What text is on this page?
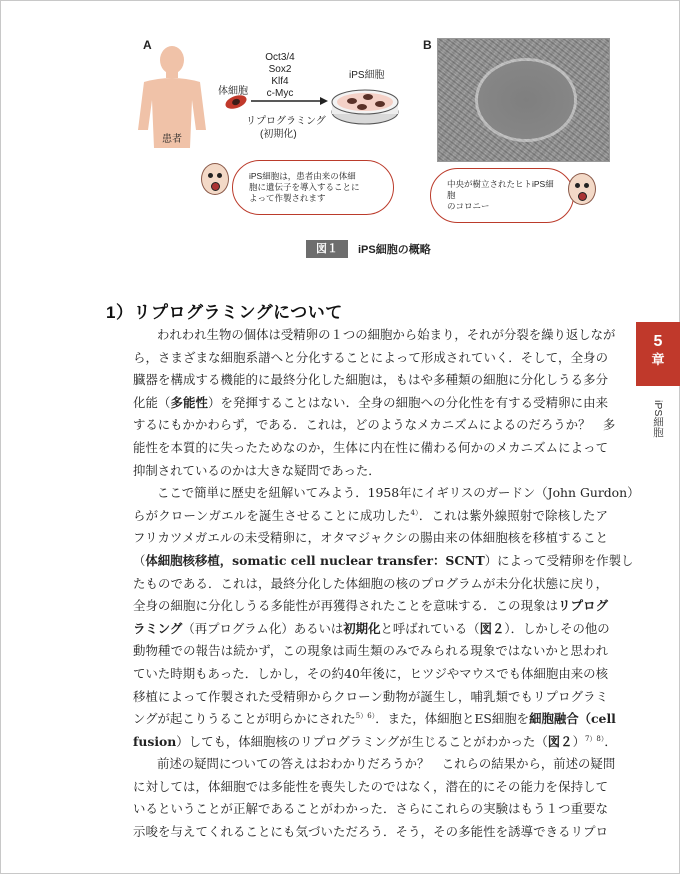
A	B
Oct3/4
Sox2
Klf4
c-Myc
体細胞
iPS細胞
リプログラミング
(初期化)
患者
iPS細胞は，患者由来の体細
胞に遺伝子を導入することに
よって作製されます
中央が樹立されたヒトiPS細胞
のコロニー
図１	iPS細胞の概略
1）リプログラミングについて

われわれ生物の個体は受精卵の１つの細胞から始まり，それが分裂を繰り返しなが
ら，さまざまな細胞系譜へと分化することによって形成されていく．そして，全身の
臓器を構成する機能的に最終分化した細胞は，もはや多種類の細胞に分化しうる多分
化能（多能性）を発揮することはない．全身の細胞への分化性を有する受精卵に由来
するにもかかわらず，である．これは，どのようなメカニズムによるのだろうか？　多
能性を本質的に失ったためなのか，生体に内在性に備わる何かのメカニズムによって
抑制されているのかは大きな疑問であった．

ここで簡単に歴史を紐解いてみよう．1958年にイギリスのガードン（John Gurdon）
らがクローンガエルを誕生させることに成功した$^{4)}$．これは紫外線照射で除核したア
フリカツメガエルの未受精卵に，オタマジャクシの腸由来の体細胞核を移植すること
（体細胞核移植，somatic cell nuclear transfer：SCNT）によって受精卵を作製し
たものである．これは，最終分化した体細胞の核のプログラムが未分化状態に戻り，
全身の細胞に分化しうる多能性が再獲得されたことを意味する．この現象はリプログ
ラミング（再プログラム化）あるいは初期化と呼ばれている（図２）．しかしその他の
動物種での報告は続かず，この現象は両生類のみでみられる現象ではないかと思われ
ていた時期もあった．しかし，その約40年後に，ヒツジやマウスでも体細胞由来の核
移植によって作製された受精卵からクローン動物が誕生し，哺乳類でもリプログラミ
ングが起こりうることが明らかにされた$^{5)6)}$．また，体細胞とES細胞を細胞融合（cell
fusion）しても，体細胞核のリプログラミングが生じることがわかった（図２）$^{7)8)}$．

前述の疑問についての答えはおわかりだろうか？　これらの結果から，前述の疑問
に対しては，体細胞では多能性を喪失したのではなく，潜在的にその能力を保持して
いるということが正解であることがわかった．さらにこれらの実験はもう１つ重要な
示唆を与えてくれることにも気づいただろう．そう，その多能性を誘導できるリプロ

5
章
iPS細胞
